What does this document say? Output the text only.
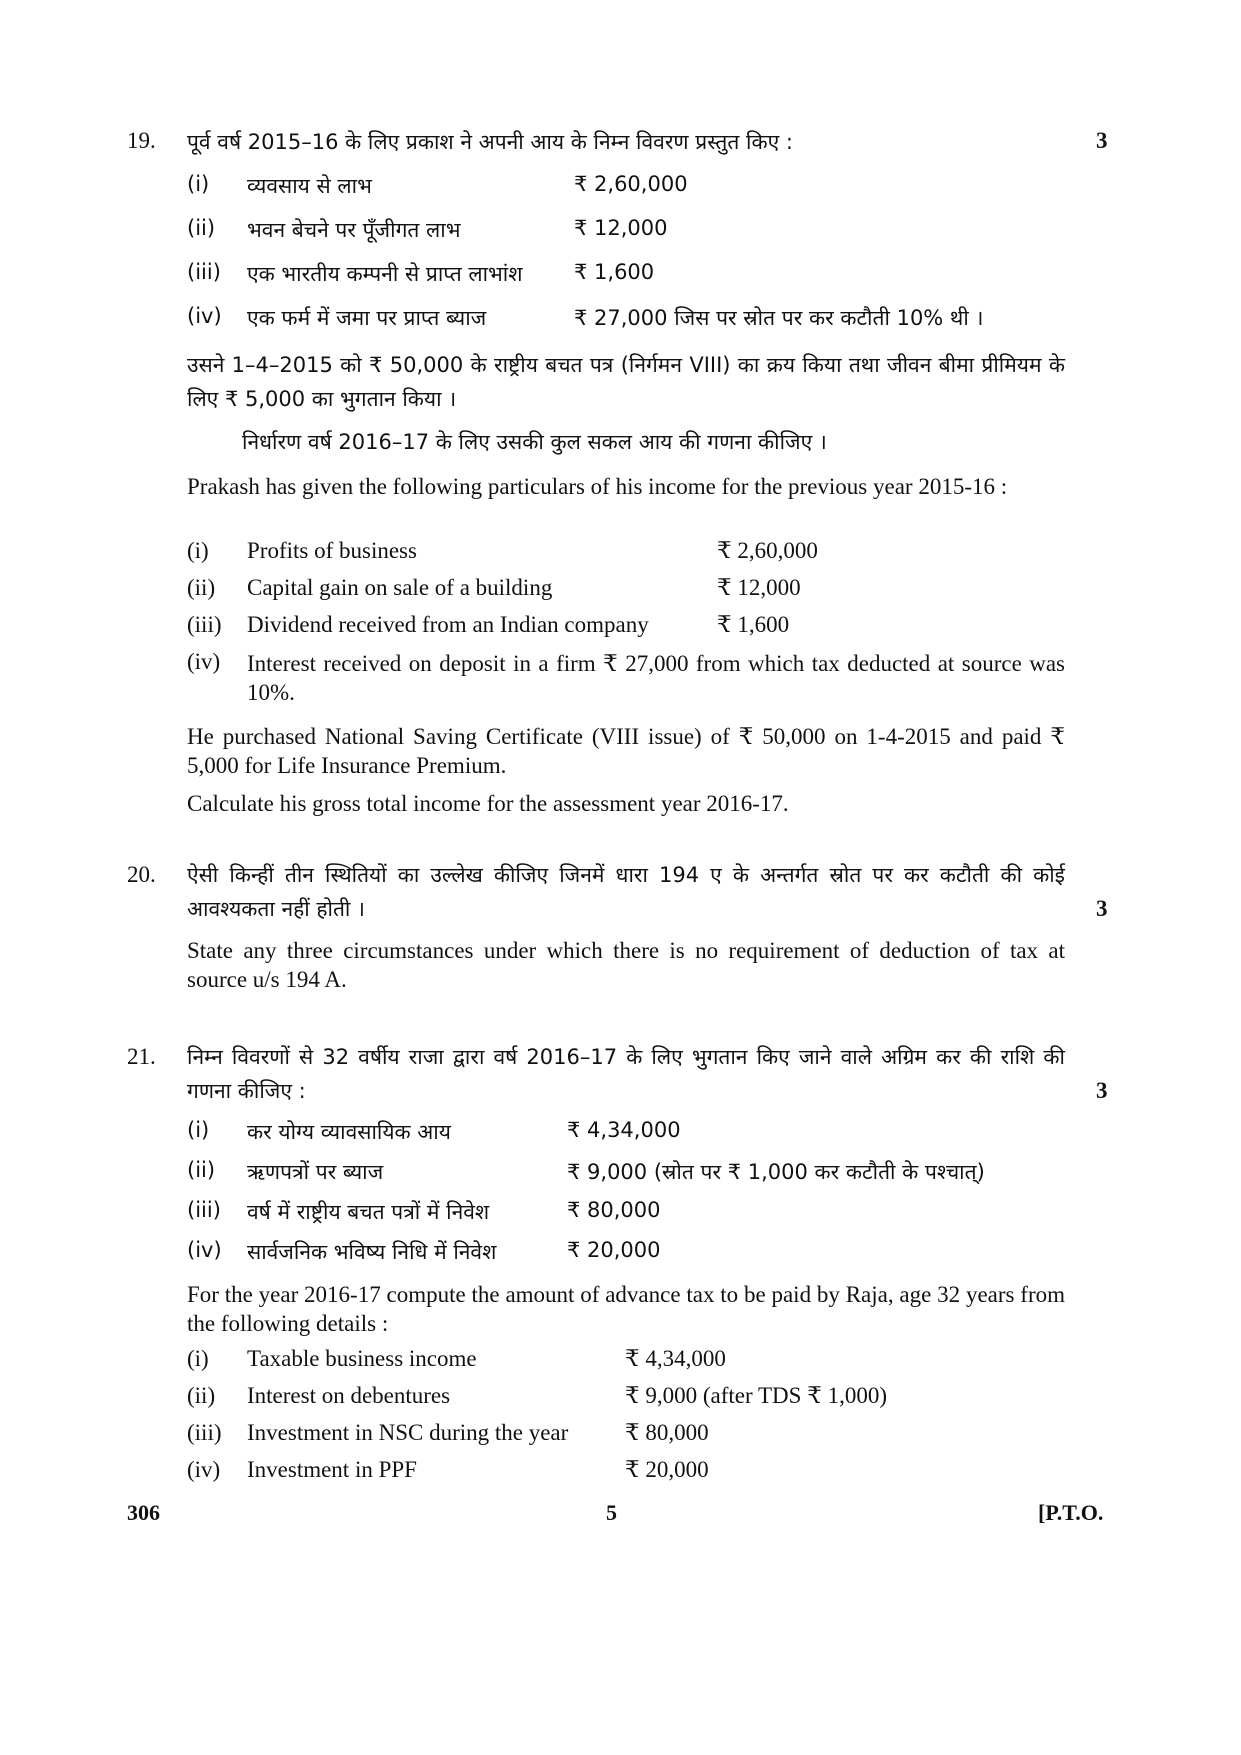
19. पूर्व वर्ष 2015–16 के लिए प्रकाश ने अपनी आय के निम्न विवरण प्रस्तुत किए :	3
(i) व्यवसाय से लाभ	₹ 2,60,000
(ii) भवन बेचने पर पूँजीगत लाभ	₹ 12,000
(iii) एक भारतीय कम्पनी से प्राप्त लाभांश ₹ 1,600
(iv) एक फर्म में जमा पर प्राप्त ब्याज	₹ 27,000 जिस पर स्रोत पर कर कटौती 10% थी ।
उसने 1–4–2015 को ₹ 50,000 के राष्ट्रीय बचत पत्र (निर्गमन VIII) का क्रय किया तथा जीवन बीमा प्रीमियम के लिए ₹ 5,000 का भुगतान किया ।
निर्धारण वर्ष 2016–17 के लिए उसकी कुल सकल आय की गणना कीजिए ।
Prakash has given the following particulars of his income for the previous year 2015-16 :
(i) Profits of business	₹ 2,60,000
(ii) Capital gain on sale of a building	₹ 12,000
(iii) Dividend received from an Indian company	₹ 1,600
(iv) Interest received on deposit in a firm ₹ 27,000 from which tax deducted at source was 10%.
He purchased National Saving Certificate (VIII issue) of ₹ 50,000 on 1-4-2015 and paid ₹ 5,000 for Life Insurance Premium.
Calculate his gross total income for the assessment year 2016-17.
20. ऐसी किन्हीं तीन स्थितियों का उल्लेख कीजिए जिनमें धारा 194 ए के अन्तर्गत स्रोत पर कर कटौती की कोई आवश्यकता नहीं होती ।	3
State any three circumstances under which there is no requirement of deduction of tax at source u/s 194 A.
21. निम्न विवरणों से 32 वर्षीय राजा द्वारा वर्ष 2016–17 के लिए भुगतान किए जाने वाले अग्रिम कर की राशि की गणना कीजिए :	3
(i) कर योग्य व्यावसायिक आय	₹ 4,34,000
(ii) ऋणपत्रों पर ब्याज	₹ 9,000 (स्रोत पर ₹ 1,000 कर कटौती के पश्चात्)
(iii) वर्ष में राष्ट्रीय बचत पत्रों में निवेश	₹ 80,000
(iv) सार्वजनिक भविष्य निधि में निवेश	₹ 20,000
For the year 2016-17 compute the amount of advance tax to be paid by Raja, age 32 years from the following details :
(i) Taxable business income	₹ 4,34,000
(ii) Interest on debentures	₹ 9,000 (after TDS ₹ 1,000)
(iii) Investment in NSC during the year ₹ 80,000
(iv) Investment in PPF	₹ 20,000
306	5	[P.T.O.
